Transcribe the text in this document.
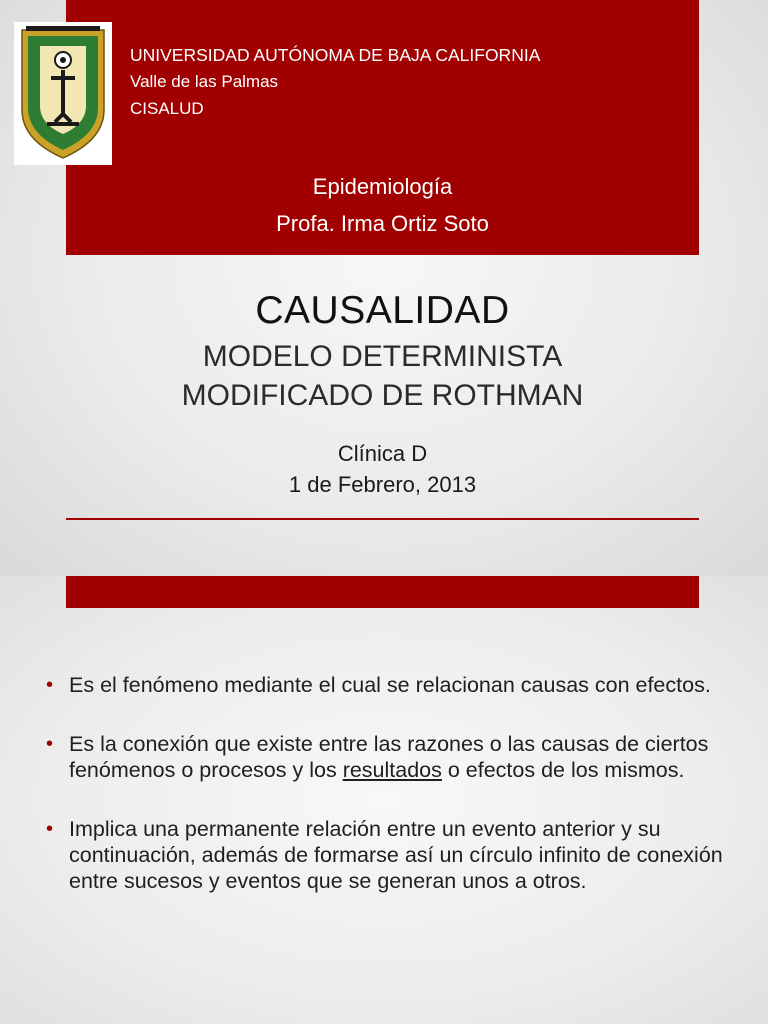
UNIVERSIDAD AUTÓNOMA DE BAJA CALIFORNIA
Valle de las Palmas
CISALUD
Epidemiología
Profa. Irma Ortiz Soto
CAUSALIDAD
MODELO DETERMINISTA
MODIFICADO DE ROTHMAN
Clínica D
1 de Febrero, 2013
• Es el fenómeno mediante el cual se relacionan causas con efectos.
• Es la conexión que existe entre las razones o las causas de ciertos fenómenos o procesos y los resultados o efectos de los mismos.
• Implica una permanente relación entre un evento anterior y su continuación, además de formarse así un círculo infinito de conexión entre sucesos y eventos que se generan unos a otros.
